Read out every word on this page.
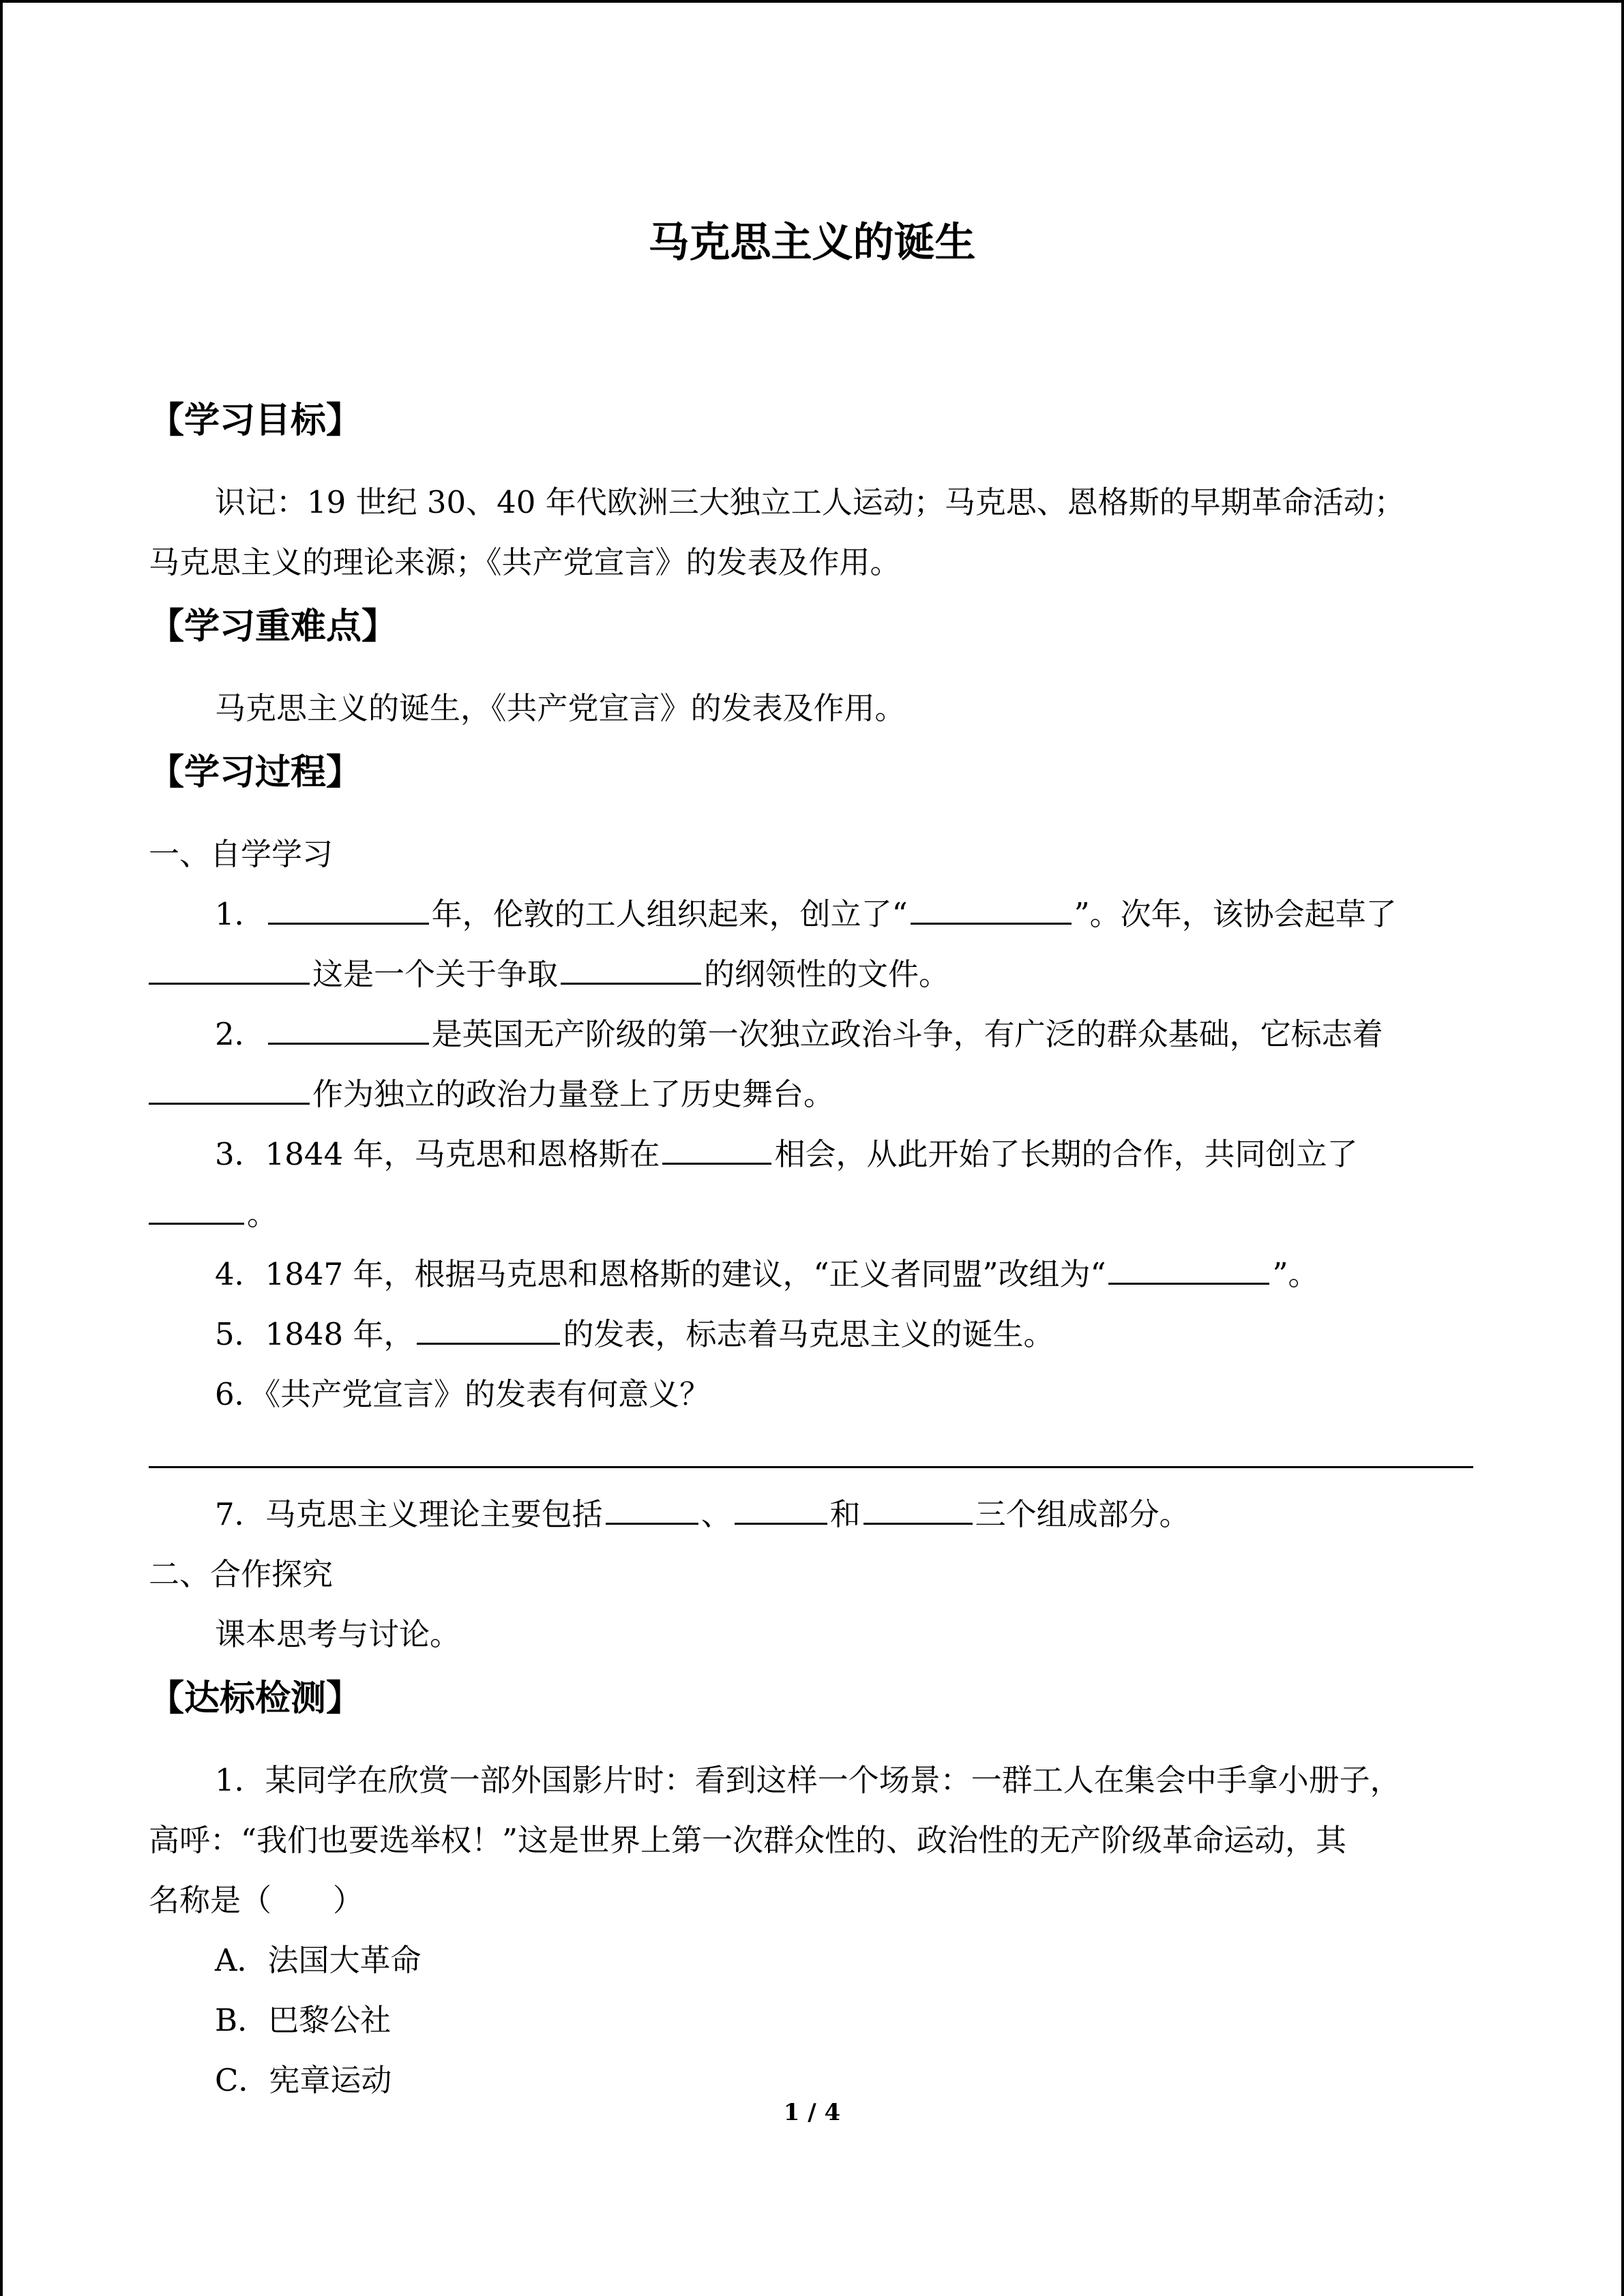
马克思主义的诞生
【学习目标】
识记：19 世纪 30、40 年代欧洲三大独立工人运动；马克思、恩格斯的早期革命活动；
马克思主义的理论来源；《共产党宣言》的发表及作用。
【学习重难点】
马克思主义的诞生，《共产党宣言》的发表及作用。
【学习过程】
一、自学学习
1．	年，伦敦的工人组织起来，创立了“	”。次年，该协会起草了
这是一个关于争取	的纲领性的文件。
2．	是英国无产阶级的第一次独立政治斗争，有广泛的群众基础，它标志着
作为独立的政治力量登上了历史舞台。
3．1844 年，马克思和恩格斯在	相会，从此开始了长期的合作，共同创立了
。
4．1847 年，根据马克思和恩格斯的建议，“正义者同盟”改组为“	”。
5．1848 年，	的发表，标志着马克思主义的诞生。
6．《共产党宣言》的发表有何意义？
7．马克思主义理论主要包括	、	和	三个组成部分。
二、合作探究
课本思考与讨论。
【达标检测】
1．某同学在欣赏一部外国影片时：看到这样一个场景：一群工人在集会中手拿小册子，
高呼：“我们也要选举权！”这是世界上第一次群众性的、政治性的无产阶级革命运动，其
名称是（　　）
A．法国大革命
B．巴黎公社
C．宪章运动
1 / 4
